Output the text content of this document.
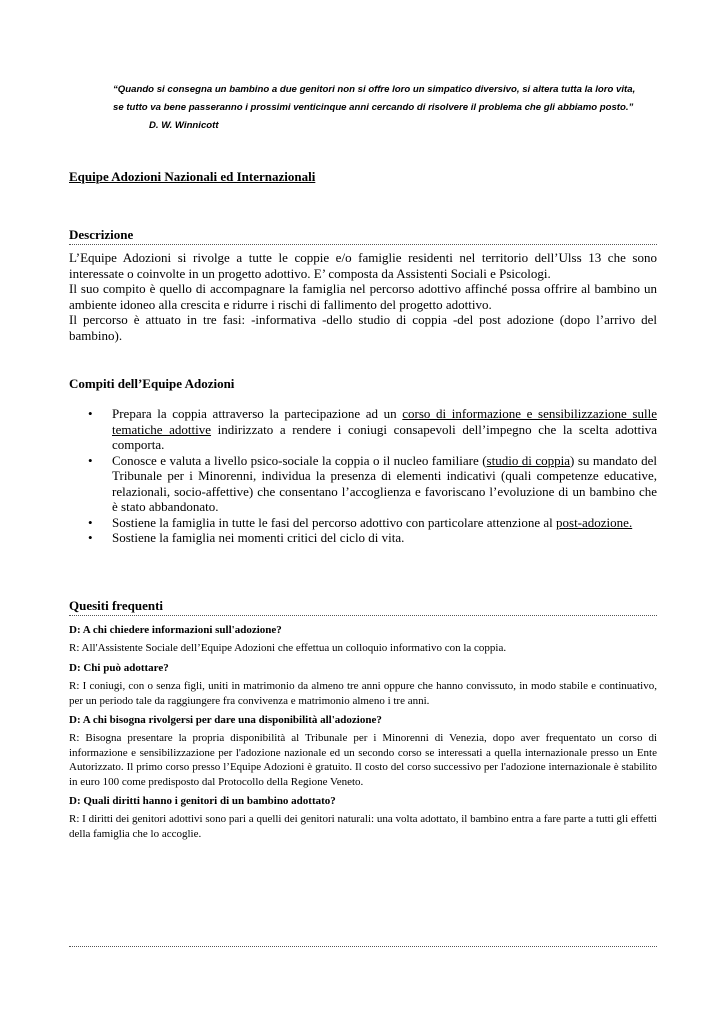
“Quando si consegna un bambino a due genitori non si offre loro un simpatico diversivo, si altera tutta la loro vita, se tutto va bene passeranno i prossimi venticinque anni cercando di risolvere il problema che gli abbiamo posto.” D. W. Winnicott
Equipe Adozioni Nazionali ed Internazionali
Descrizione

L’Equipe Adozioni si rivolge a tutte le coppie e/o famiglie residenti nel territorio dell’Ulss 13 che sono interessate o coinvolte in un progetto adottivo. E’ composta da Assistenti Sociali e Psicologi.

Il suo compito è quello di accompagnare la famiglia nel percorso adottivo affinché possa offrire al bambino un ambiente idoneo alla crescita e ridurre i rischi di fallimento del progetto adottivo.

Il percorso è attuato in tre fasi: -informativa -dello studio di coppia -del post adozione (dopo l’arrivo del bambino).

Compiti dell’Equipe Adozioni
• Prepara la coppia attraverso la partecipazione ad un corso di informazione e sensibilizzazione sulle tematiche adottive indirizzato a rendere i coniugi consapevoli dell’impegno che la scelta adottiva comporta.
• Conosce e valuta a livello psico-sociale la coppia o il nucleo familiare (studio di coppia) su mandato del Tribunale per i Minorenni, individua la presenza di elementi indicativi (quali competenze educative, relazionali, socio-affettive) che consentano l’accoglienza e favoriscano l’evoluzione di un bambino che è stato abbandonato.
• Sostiene la famiglia in tutte le fasi del percorso adottivo con particolare attenzione al post-adozione.
• Sostiene la famiglia nei momenti critici del ciclo di vita.
Quesiti frequenti

D: A chi chiedere informazioni sull'adozione?

R: All'Assistente Sociale dell’Equipe Adozioni che effettua un colloquio informativo con la coppia.

D: Chi può adottare?

R: I coniugi, con o senza figli, uniti in matrimonio da almeno tre anni oppure che hanno convissuto, in modo stabile e continuativo, per un periodo tale da raggiungere fra convivenza e matrimonio almeno i tre anni.

D: A chi bisogna rivolgersi per dare una disponibilità all'adozione?

R: Bisogna presentare la propria disponibilità al Tribunale per i Minorenni di Venezia, dopo aver frequentato un corso di informazione e sensibilizzazione per l'adozione nazionale ed un secondo corso se interessati a quella internazionale presso un Ente Autorizzato. Il primo corso presso l’Equipe Adozioni è gratuito. Il costo del corso successivo per l'adozione internazionale è stabilito in euro 100 come predisposto dal Protocollo della Regione Veneto.

D: Quali diritti hanno i genitori di un bambino adottato?

R: I diritti dei genitori adottivi sono pari a quelli dei genitori naturali: una volta adottato, il bambino entra a fare parte a tutti gli effetti della famiglia che lo accoglie.
